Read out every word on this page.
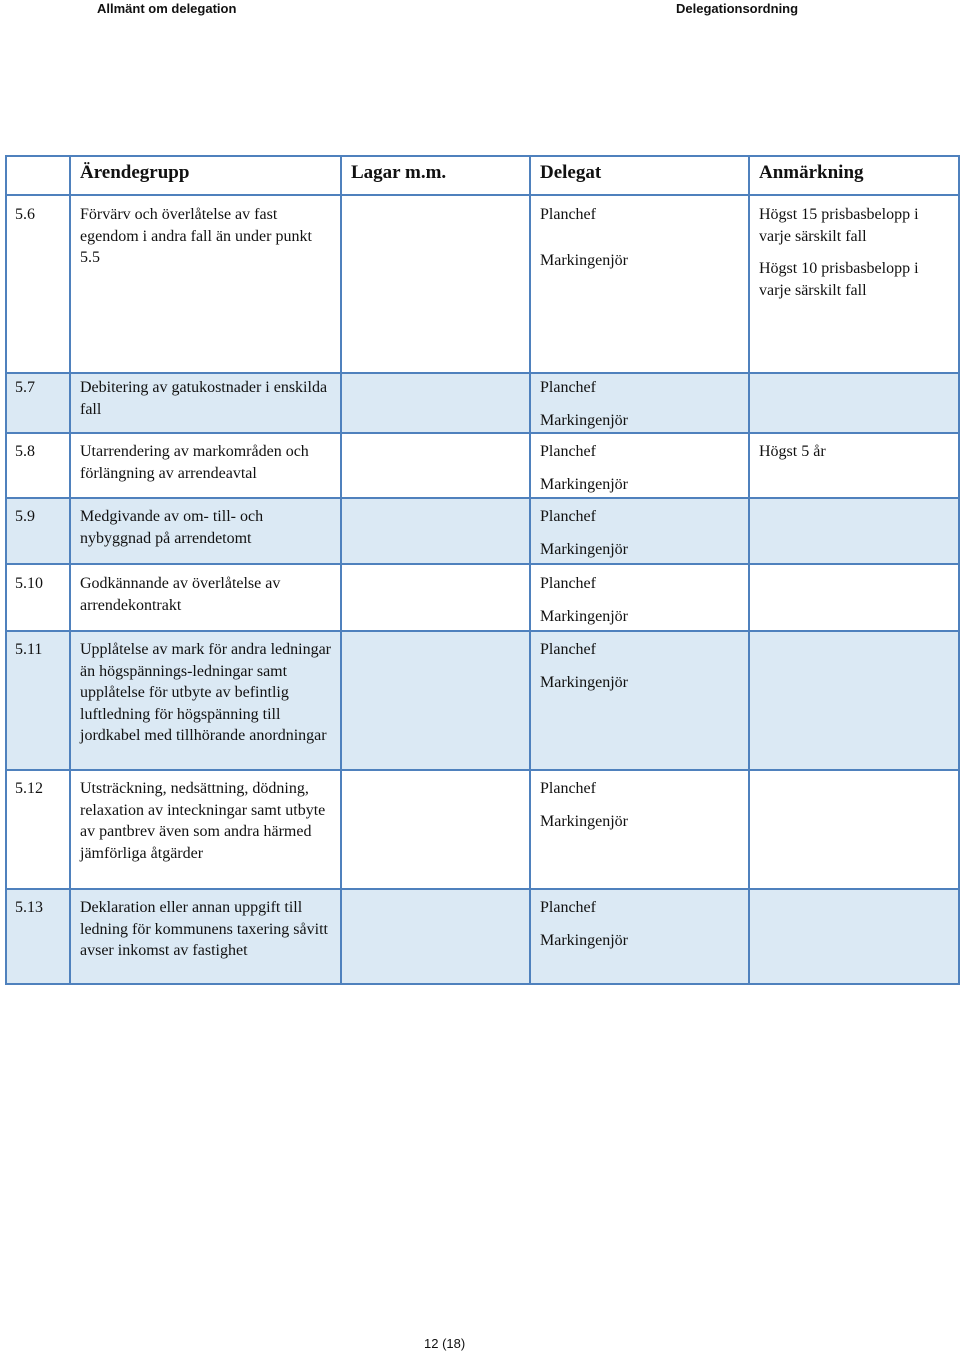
Allmänt om delegation	Delegationsordning
	Ärendegrupp	Lagar m.m.	Delegat	Anmärkning
5.6	Förvärv och överlåtelse av fast egendom i andra fall än under punkt 5.5		Planchef
Markingenjör	Högst 15 prisbasbelopp i varje särskilt fall
Högst 10 prisbasbelopp i varje särskilt fall

5.7	Debitering av gatukostnader i enskilda fall		Planchef
Markingenjör	

5.8	Utarrendering av markområden och förlängning av arrendeavtal		Planchef
Markingenjör	Högst 5 år

5.9	Medgivande av om- till- och nybyggnad på arrendetomt		Planchef
Markingenjör	

5.10	Godkännande av överlåtelse av arrendekontrakt		Planchef
Markingenjör	

5.11	Upplåtelse av mark för andra ledningar än högspännings-ledningar samt upplåtelse för utbyte av befintlig luftledning för högspänning till jordkabel med tillhörande anordningar		Planchef
Markingenjör	

5.12	Utsträckning, nedsättning, dödning, relaxation av inteckningar samt utbyte av pantbrev även som andra härmed jämförliga åtgärder		Planchef
Markingenjör	

5.13	Deklaration eller annan uppgift till ledning för kommunens taxering såvitt avser inkomst av fastighet		Planchef
Markingenjör	

12 (18)
